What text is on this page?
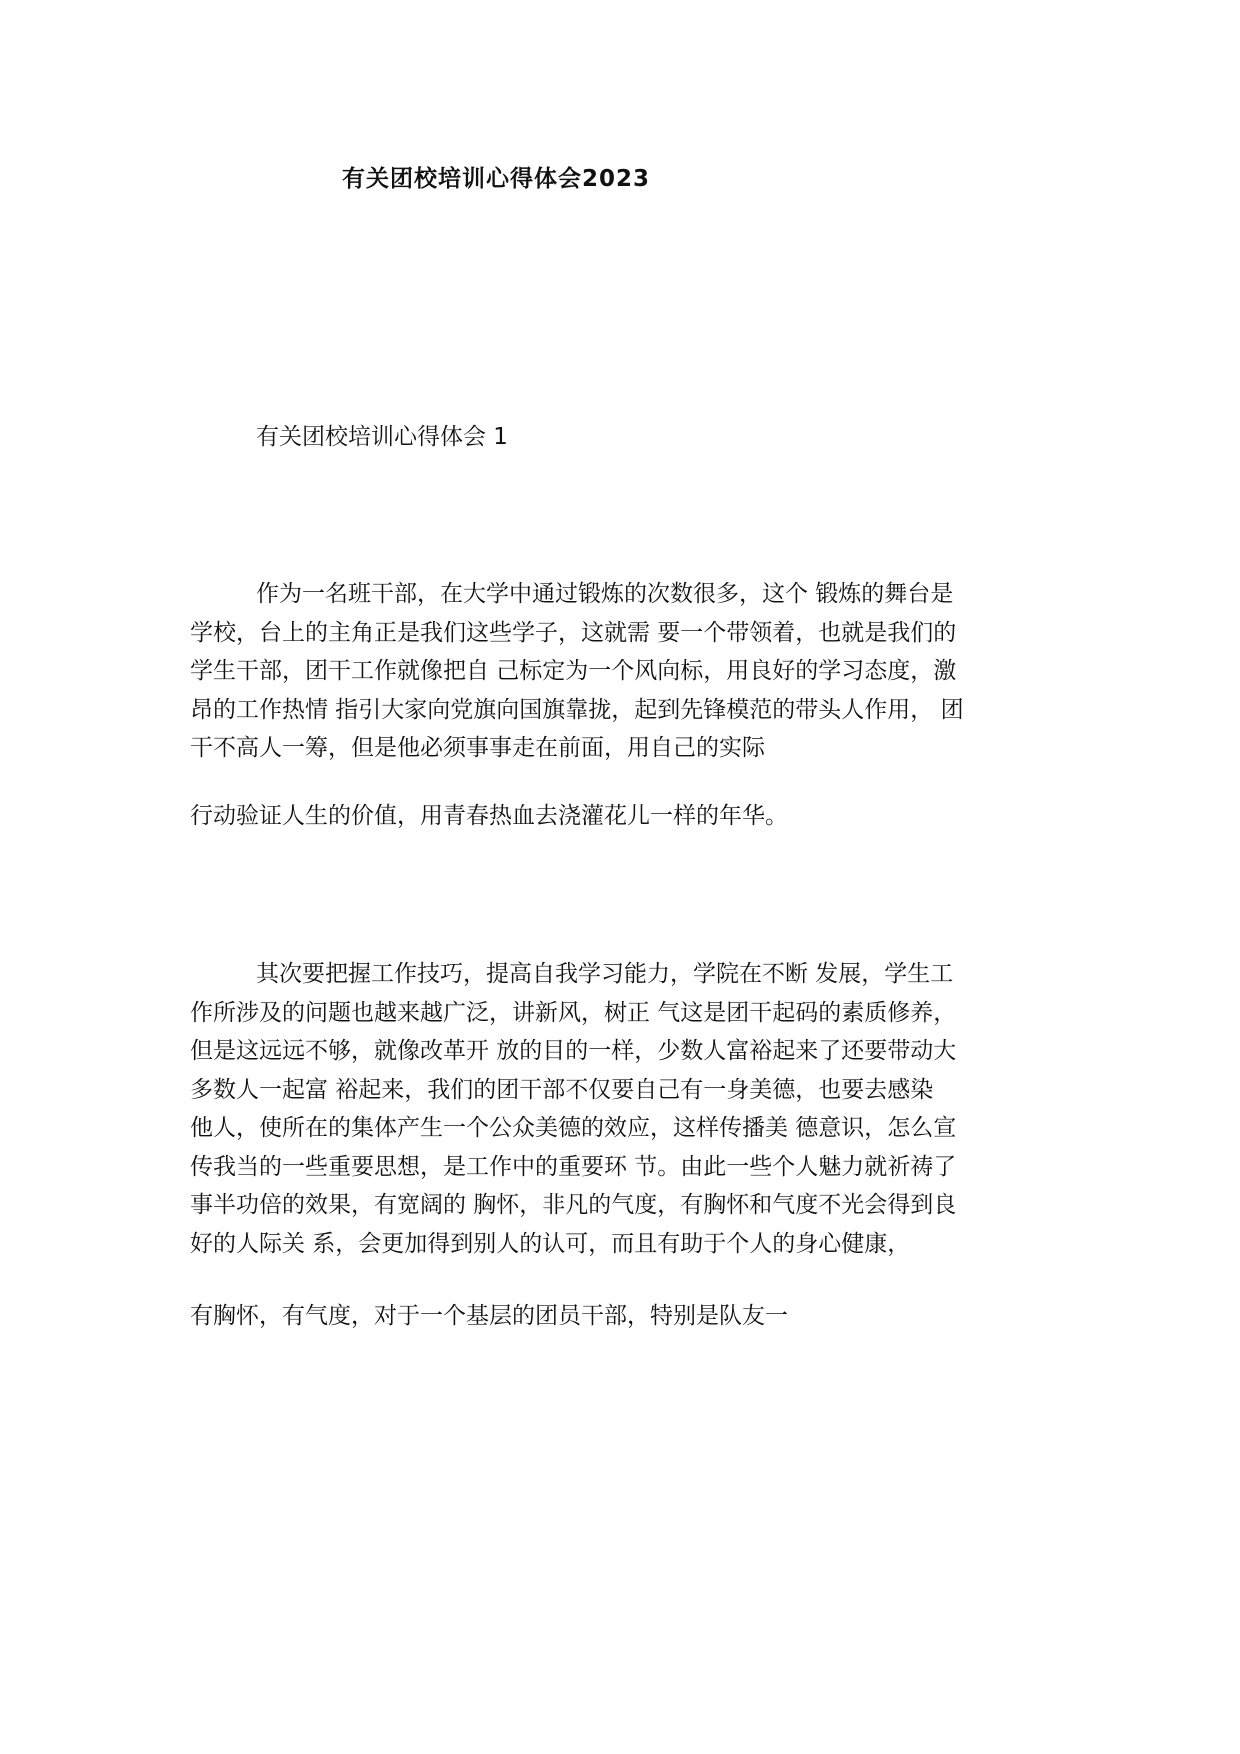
有关团校培训心得体会2023
有关团校培训心得体会 1
作为一名班干部，在大学中通过锻炼的次数很多，这个 锻炼的舞台是
学校，台上的主角正是我们这些学子，这就需 要一个带领着，也就是我们的
学生干部，团干工作就像把自 己标定为一个风向标，用良好的学习态度，激
昂的工作热情 指引大家向党旗向国旗靠拢，起到先锋模范的带头人作用， 团
干不高人一筹，但是他必须事事走在前面，用自己的实际
行动验证人生的价值，用青春热血去浇灌花儿一样的年华。
其次要把握工作技巧，提高自我学习能力，学院在不断 发展，学生工
作所涉及的问题也越来越广泛，讲新风，树正 气这是团干起码的素质修养，
但是这远远不够，就像改革开 放的目的一样，少数人富裕起来了还要带动大
多数人一起富 裕起来，我们的团干部不仅要自己有一身美德，也要去感染
他人，使所在的集体产生一个公众美德的效应，这样传播美 德意识，怎么宣
传我当的一些重要思想，是工作中的重要环 节。由此一些个人魅力就祈祷了
事半功倍的效果，有宽阔的 胸怀，非凡的气度，有胸怀和气度不光会得到良
好的人际关 系，会更加得到别人的认可，而且有助于个人的身心健康，
有胸怀，有气度，对于一个基层的团员干部，特别是队友一
